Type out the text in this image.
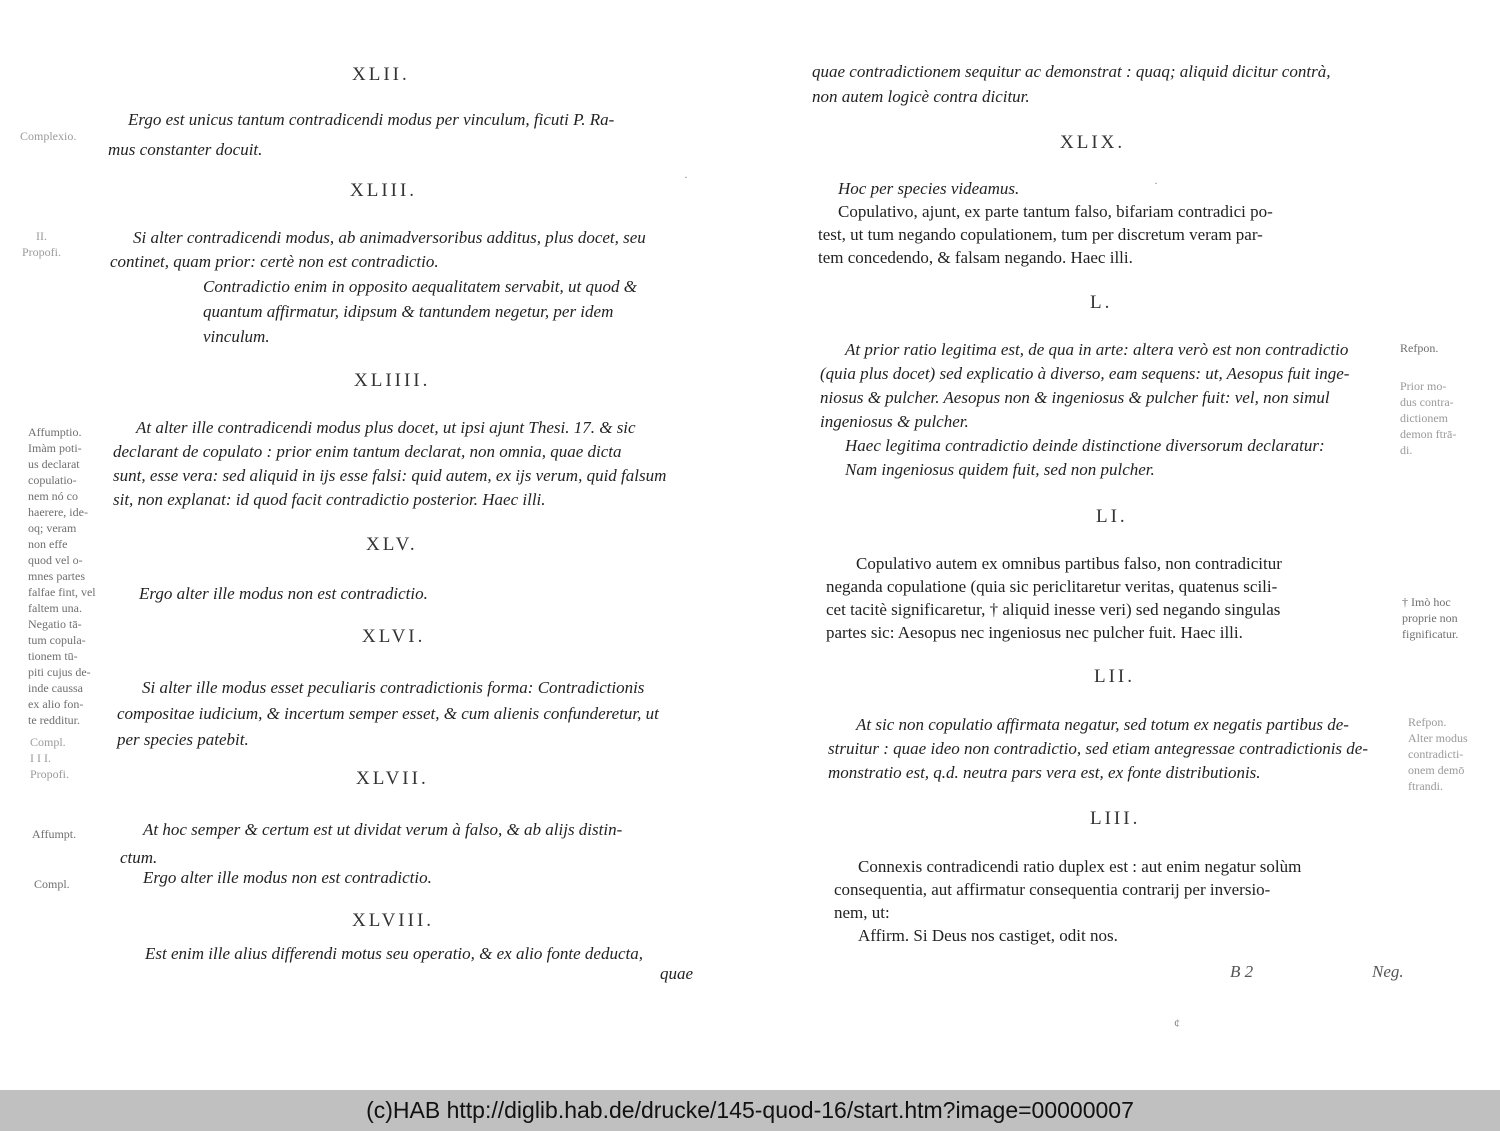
XLII.
Ergo est unicus tantum contradicendi modus per vinculum, ficuti P. Ra-
mus constanter docuit.
XLIII.
Si alter contradicendi modus, ab animadversoribus additus, plus docet, seu
continet, quam prior: certè non est contradictio.
Contradictio enim in opposito aequalitatem servabit, ut quod &
quantum affirmatur, idipsum & tantundem negetur, per idem
vinculum.
XLIIII.
At alter ille contradicendi modus plus docet, ut ipsi ajunt Thesi. 17. & sic
declarant de copulato : prior enim tantum declarat, non omnia, quae dicta
sunt, esse vera: sed aliquid in ijs esse falsi: quid autem, ex ijs verum, quid falsum
sit, non explanat: id quod facit contradictio posterior. Haec illi.
XLV.
Ergo alter ille modus non est contradictio.
XLVI.
Si alter ille modus esset peculiaris contradictionis forma: Contradictionis
compositae iudicium, & incertum semper esset, & cum alienis confunderetur, ut
per species patebit.
XLVII.
At hoc semper & certum est ut dividat verum à falso, & ab alijs distin-
ctum.
Ergo alter ille modus non est contradictio.
XLVIII.
Est enim ille alius differendi motus seu operatio, & ex alio fonte deducta,
quae
Complexio.
II.
Propofi.
Affumptio.
Imàm poti-
us declarat
copulatio-
nem nó co
haerere, ide-
oq; veram
non effe
quod vel o-
mnes partes
falfae fint, vel
faltem una.
Negatio tā-
tum copula-
tionem tū-
piti cujus de-
inde caussa
ex alio fon-
te redditur.
Compl.
I I I.
Propofi.
Affumpt.
Compl.
·
quae contradictionem sequitur ac demonstrat : quaq; aliquid dicitur contrà,
non autem logicè contra dicitur.
XLIX.
Hoc per species videamus.
Copulativo, ajunt, ex parte tantum falso, bifariam contradici po-
test, ut tum negando copulationem, tum per discretum veram par-
tem concedendo, & falsam negando. Haec illi.
L.
At prior ratio legitima est, de qua in arte: altera verò est non contradictio
(quia plus docet) sed explicatio à diverso, eam sequens: ut, Aesopus fuit inge-
niosus & pulcher. Aesopus non & ingeniosus & pulcher fuit: vel, non simul
ingeniosus & pulcher.
Haec legitima contradictio deinde distinctione diversorum declaratur:
Nam ingeniosus quidem fuit, sed non pulcher.
LI.
Copulativo autem ex omnibus partibus falso, non contradicitur
neganda copulatione (quia sic periclitaretur veritas, quatenus scili-
cet tacitè significaretur, † aliquid inesse veri) sed negando singulas
partes sic: Aesopus nec ingeniosus nec pulcher fuit. Haec illi.
LII.
At sic non copulatio affirmata negatur, sed totum ex negatis partibus de-
struitur : quae ideo non contradictio, sed etiam antegressae contradictionis de-
monstratio est, q.d. neutra pars vera est, ex fonte distributionis.
LIII.
Connexis contradicendi ratio duplex est : aut enim negatur solùm
consequentia, aut affirmatur consequentia contrarij per inversio-
nem, ut:
Affirm. Si Deus nos castiget, odit nos.
Refpon.
Prior mo-
dus contra-
dictionem
demon ftrā-
di.
† Imò hoc
proprie non
fignificatur.
Refpon.
Alter modus
contradicti-
onem demō
ftrandi.
B 2	Neg.
·
¢
(c)HAB http://diglib.hab.de/drucke/145-quod-16/start.htm?image=00000007
